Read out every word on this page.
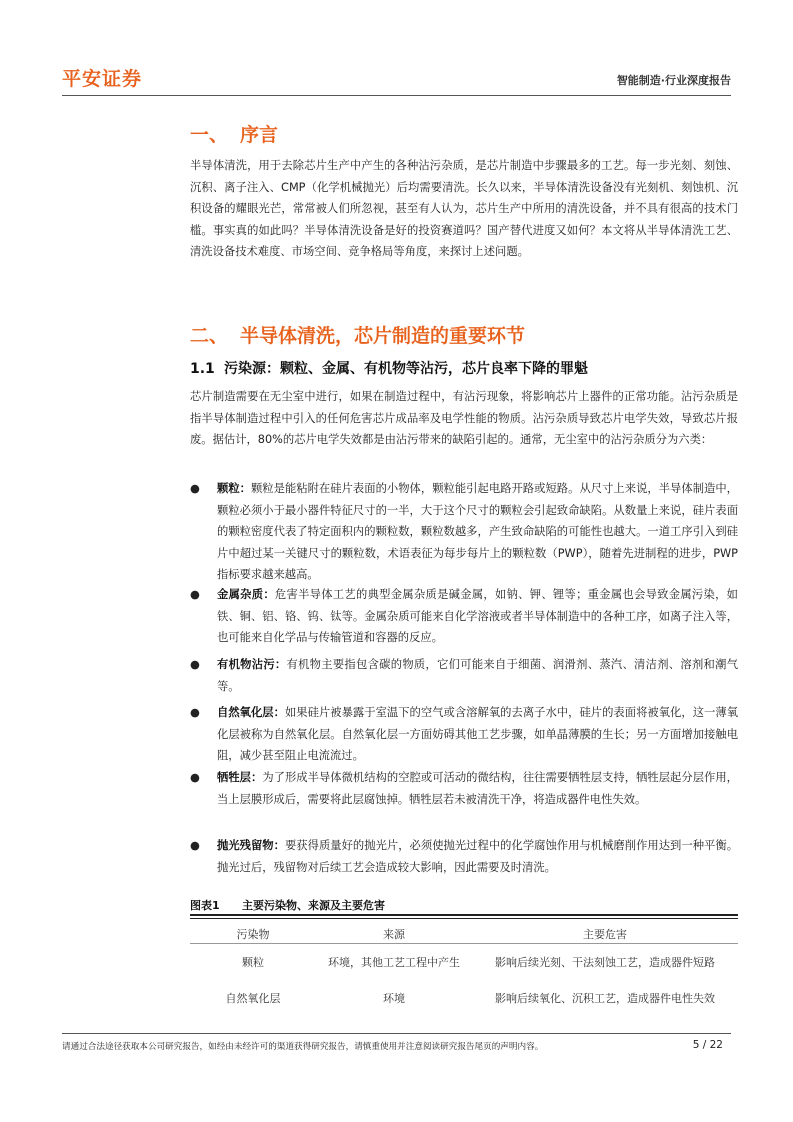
平安证券	智能制造·行业深度报告
一、 序言
半导体清洗，用于去除芯片生产中产生的各种沾污杂质，是芯片制造中步骤最多的工艺。每一步光刻、刻蚀、沉积、离子注入、CMP（化学机械抛光）后均需要清洗。长久以来，半导体清洗设备没有光刻机、刻蚀机、沉积设备的耀眼光芒，常常被人们所忽视，甚至有人认为，芯片生产中所用的清洗设备，并不具有很高的技术门槛。事实真的如此吗？半导体清洗设备是好的投资赛道吗？国产替代进度又如何？本文将从半导体清洗工艺、清洗设备技术难度、市场空间、竞争格局等角度，来探讨上述问题。
二、 半导体清洗，芯片制造的重要环节
1.1 污染源：颗粒、金属、有机物等沾污，芯片良率下降的罪魁
芯片制造需要在无尘室中进行，如果在制造过程中，有沾污现象，将影响芯片上器件的正常功能。沾污杂质是指半导体制造过程中引入的任何危害芯片成品率及电学性能的物质。沾污杂质导致芯片电学失效，导致芯片报废。据估计，80%的芯片电学失效都是由沾污带来的缺陷引起的。通常，无尘室中的沾污杂质分为六类：
●	颗粒：颗粒是能粘附在硅片表面的小物体，颗粒能引起电路开路或短路。从尺寸上来说，半导体制造中，颗粒必须小于最小器件特征尺寸的一半，大于这个尺寸的颗粒会引起致命缺陷。从数量上来说，硅片表面的颗粒密度代表了特定面积内的颗粒数，颗粒数越多，产生致命缺陷的可能性也越大。一道工序引入到硅片中超过某一关键尺寸的颗粒数，术语表征为每步每片上的颗粒数（PWP），随着先进制程的进步，PWP 指标要求越来越高。
●	金属杂质：危害半导体工艺的典型金属杂质是碱金属，如钠、钾、锂等；重金属也会导致金属污染，如铁、铜、铝、铬、钨、钛等。金属杂质可能来自化学溶液或者半导体制造中的各种工序，如离子注入等，也可能来自化学品与传输管道和容器的反应。
●	有机物沾污：有机物主要指包含碳的物质，它们可能来自于细菌、润滑剂、蒸汽、清洁剂、溶剂和潮气等。
●	自然氧化层：如果硅片被暴露于室温下的空气或含溶解氧的去离子水中，硅片的表面将被氧化，这一薄氧化层被称为自然氧化层。自然氧化层一方面妨碍其他工艺步骤，如单晶薄膜的生长；另一方面增加接触电阻，减少甚至阻止电流流过。
●	牺牲层：为了形成半导体微机结构的空腔或可活动的微结构，往往需要牺牲层支持，牺牲层起分层作用，当上层膜形成后，需要将此层腐蚀掉。牺牲层若未被清洗干净，将造成器件电性失效。
●	抛光残留物：要获得质量好的抛光片，必须使抛光过程中的化学腐蚀作用与机械磨削作用达到一种平衡。抛光过后，残留物对后续工艺会造成较大影响，因此需要及时清洗。
图表1 主要污染物、来源及主要危害
污染物	来源	主要危害
颗粒	环境，其他工艺工程中产生	影响后续光刻、干法刻蚀工艺，造成器件短路
自然氧化层	环境	影响后续氧化、沉积工艺，造成器件电性失效
请通过合法途径获取本公司研究报告，如经由未经许可的渠道获得研究报告，请慎重使用并注意阅读研究报告尾页的声明内容。	5 / 22
